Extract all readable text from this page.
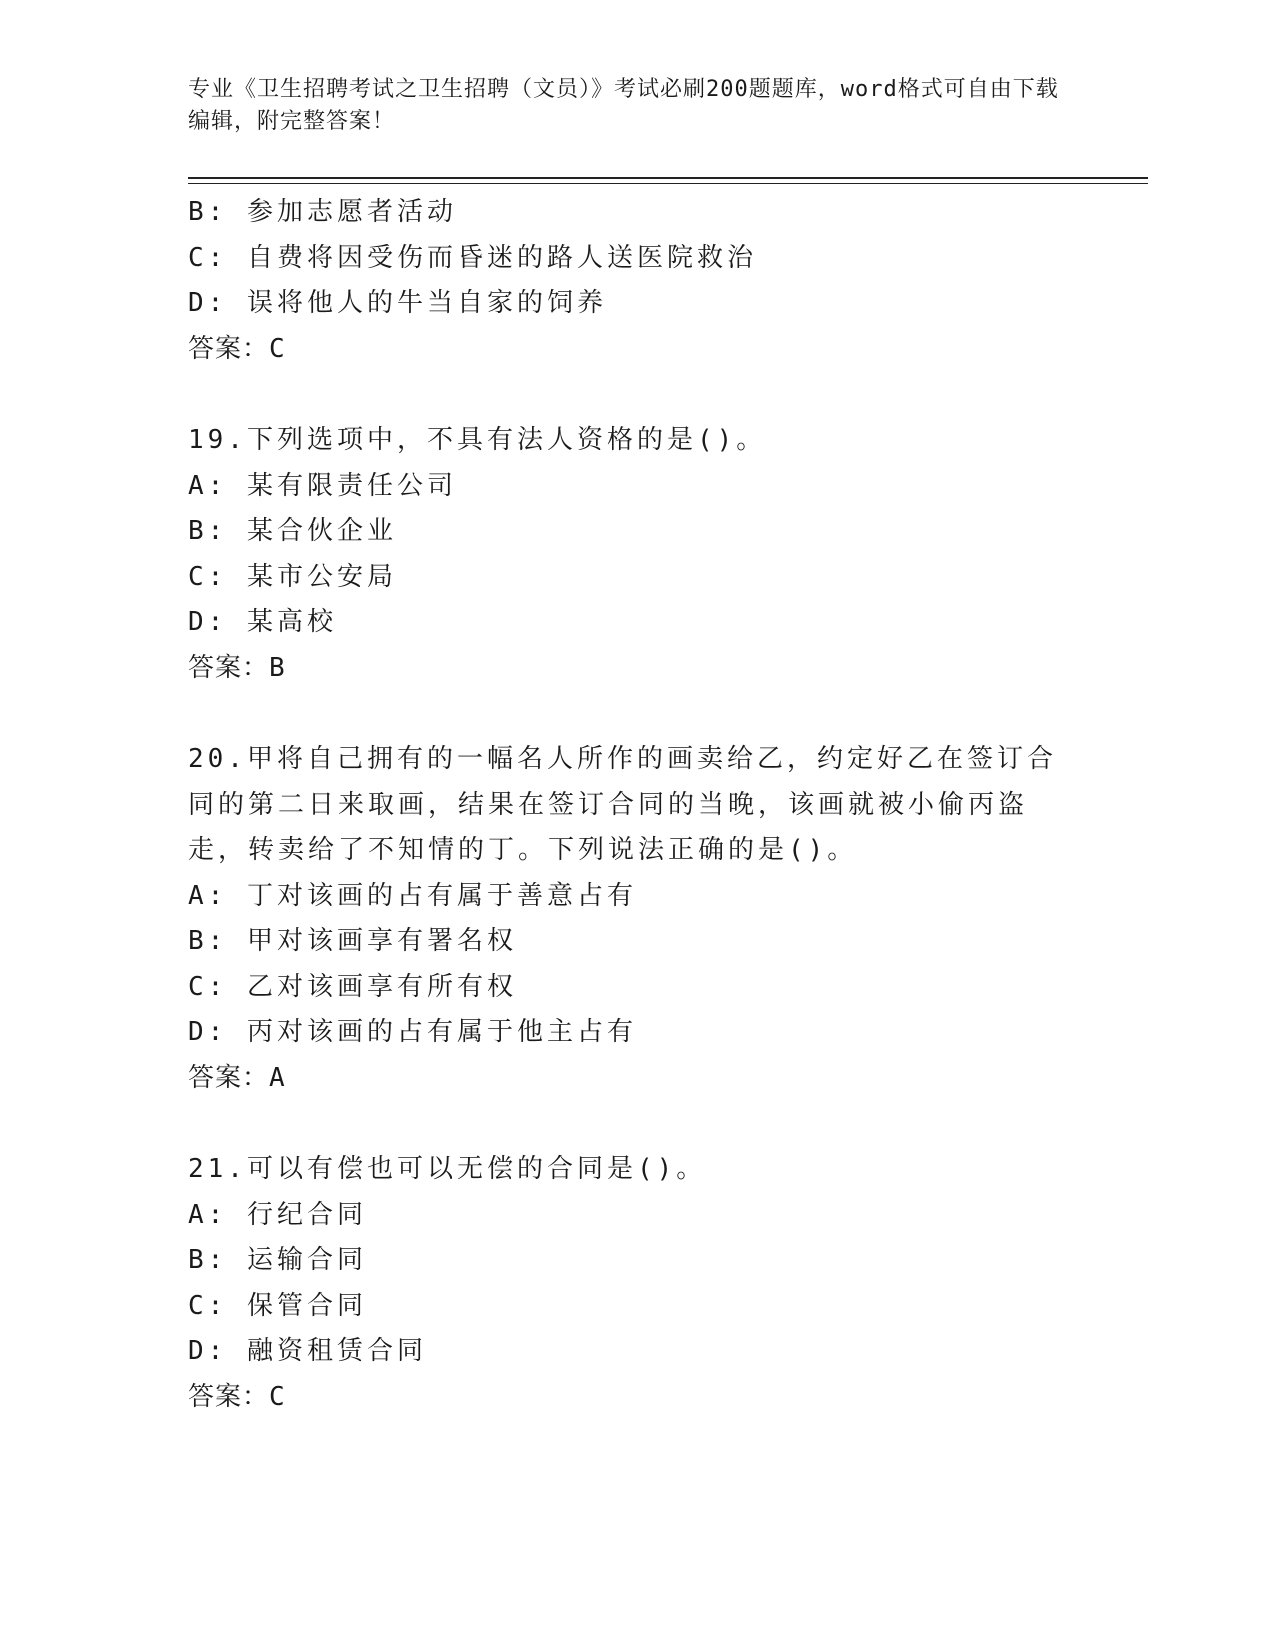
专业《卫生招聘考试之卫生招聘（文员）》考试必刷200题题库，word格式可自由下载编辑，附完整答案！
B: 参加志愿者活动
C: 自费将因受伤而昏迷的路人送医院救治
D: 误将他人的牛当自家的饲养
答案：C
19.下列选项中，不具有法人资格的是()。
A: 某有限责任公司
B: 某合伙企业
C: 某市公安局
D: 某高校
答案：B
20.甲将自己拥有的一幅名人所作的画卖给乙，约定好乙在签订合同的第二日来取画，结果在签订合同的当晚，该画就被小偷丙盗走，转卖给了不知情的丁。下列说法正确的是()。
A: 丁对该画的占有属于善意占有
B: 甲对该画享有署名权
C: 乙对该画享有所有权
D: 丙对该画的占有属于他主占有
答案：A
21.可以有偿也可以无偿的合同是()。
A: 行纪合同
B: 运输合同
C: 保管合同
D: 融资租赁合同
答案：C
